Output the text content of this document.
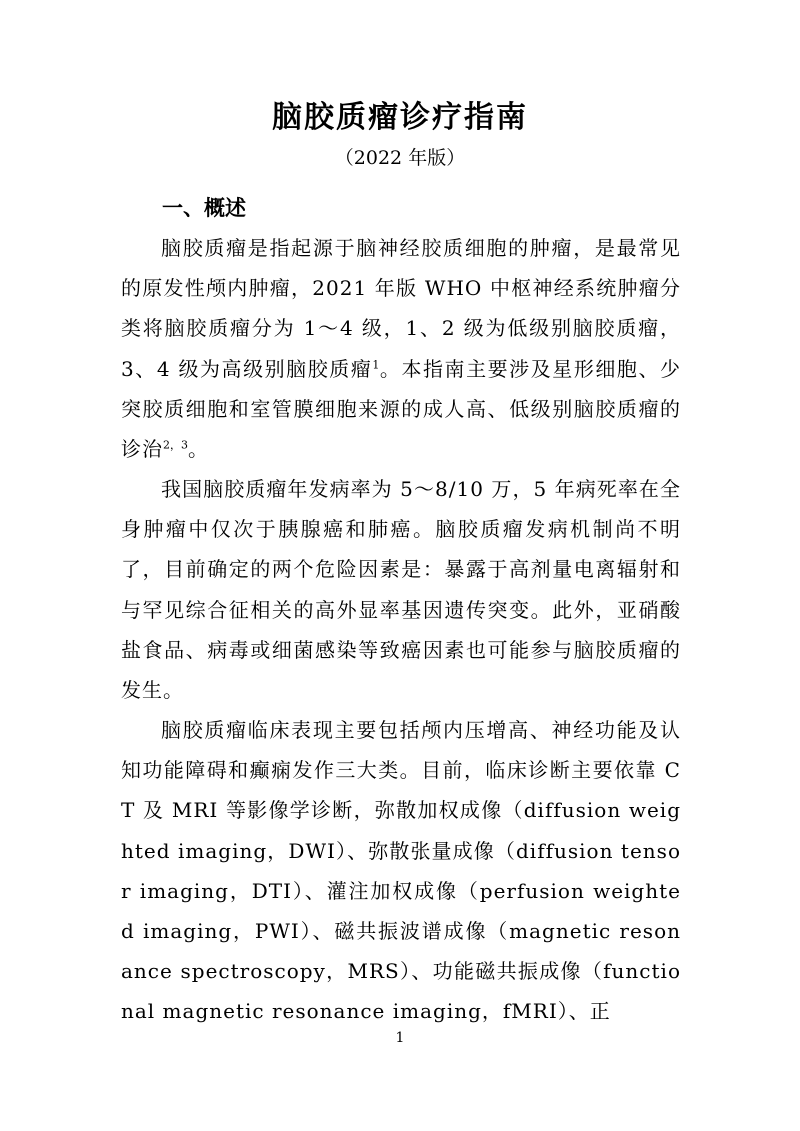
脑胶质瘤诊疗指南
（2022 年版）
一、概述

脑胶质瘤是指起源于脑神经胶质细胞的肿瘤，是最常见的原发性颅内肿瘤，2021 年版 WHO 中枢神经系统肿瘤分类将脑胶质瘤分为 1～4 级，1、2 级为低级别脑胶质瘤，3、4 级为高级别脑胶质瘤$^1$。本指南主要涉及星形细胞、少突胶质细胞和室管膜细胞来源的成人高、低级别脑胶质瘤的诊治$^{2,3}$。

我国脑胶质瘤年发病率为 5～8/10 万，5 年病死率在全身肿瘤中仅次于胰腺癌和肺癌。脑胶质瘤发病机制尚不明了，目前确定的两个危险因素是：暴露于高剂量电离辐射和与罕见综合征相关的高外显率基因遗传突变。此外，亚硝酸盐食品、病毒或细菌感染等致癌因素也可能参与脑胶质瘤的发生。

脑胶质瘤临床表现主要包括颅内压增高、神经功能及认知功能障碍和癫痫发作三大类。目前，临床诊断主要依靠 CT 及 MRI 等影像学诊断，弥散加权成像（diffusion weighted imaging，DWI）、弥散张量成像（diffusion tensor imaging，DTI）、灌注加权成像（perfusion weighted imaging，PWI）、磁共振波谱成像（magnetic resonance spectroscopy，MRS）、功能磁共振成像（functional magnetic resonance imaging，fMRI）、正

1
